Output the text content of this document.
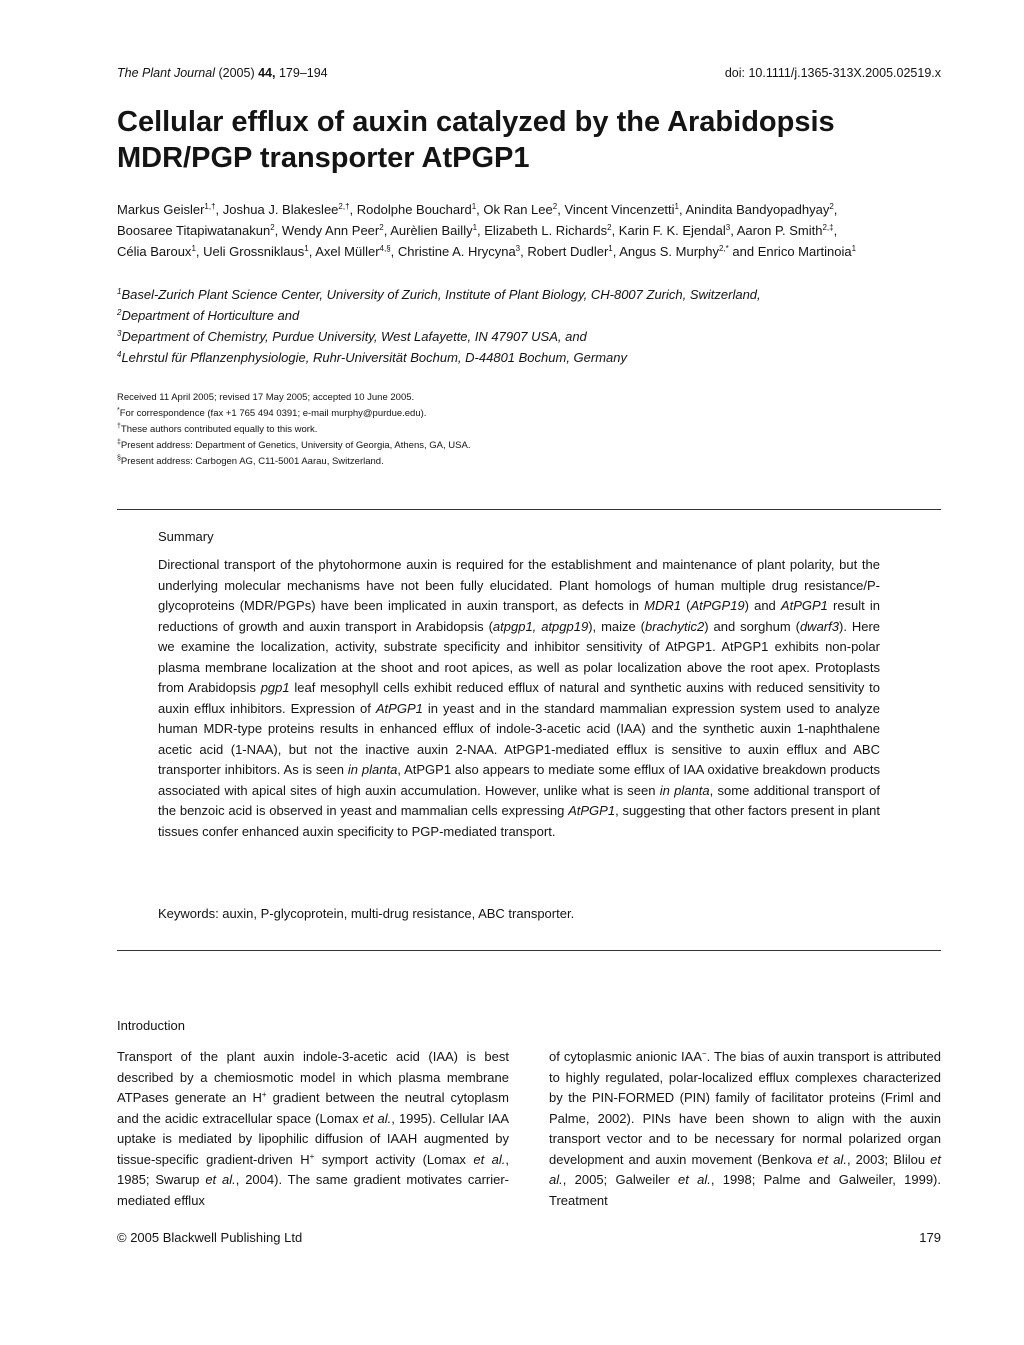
The Plant Journal (2005) 44, 179–194	doi: 10.1111/j.1365-313X.2005.02519.x
Cellular efflux of auxin catalyzed by the Arabidopsis
MDR/PGP transporter AtPGP1
Markus Geisler$^{1,\dagger}$, Joshua J. Blakeslee$^{2,\dagger}$, Rodolphe Bouchard$^1$, Ok Ran Lee$^2$, Vincent Vincenzetti$^1$, Anindita Bandyopadhyay$^2$,
Boosaree Titapiwatanakun$^2$, Wendy Ann Peer$^2$, Aurèlien Bailly$^1$, Elizabeth L. Richards$^2$, Karin F. K. Ejendal$^3$, Aaron P. Smith$^{2,\ddagger}$,
Célia Baroux$^1$, Ueli Grossniklaus$^1$, Axel Müller$^{4,\S}$, Christine A. Hrycyna$^3$, Robert Dudler$^1$, Angus S. Murphy$^{2,*}$ and Enrico Martinoia$^1$
$^1$Basel-Zurich Plant Science Center, University of Zurich, Institute of Plant Biology, CH-8007 Zurich, Switzerland,
$^2$Department of Horticulture and
$^3$Department of Chemistry, Purdue University, West Lafayette, IN 47907 USA, and
$^4$Lehrstul für Pflanzenphysiologie, Ruhr-Universität Bochum, D-44801 Bochum, Germany
Received 11 April 2005; revised 17 May 2005; accepted 10 June 2005.
*For correspondence (fax +1 765 494 0391; e-mail murphy@purdue.edu).
†These authors contributed equally to this work.
‡Present address: Department of Genetics, University of Georgia, Athens, GA, USA.
§Present address: Carbogen AG, C11-5001 Aarau, Switzerland.
Summary
Directional transport of the phytohormone auxin is required for the establishment and maintenance of plant polarity, but the underlying molecular mechanisms have not been fully elucidated. Plant homologs of human multiple drug resistance/P-glycoproteins (MDR/PGPs) have been implicated in auxin transport, as defects in MDR1 (AtPGP19) and AtPGP1 result in reductions of growth and auxin transport in Arabidopsis (atpgp1, atpgp19), maize (brachytic2) and sorghum (dwarf3). Here we examine the localization, activity, substrate specificity and inhibitor sensitivity of AtPGP1. AtPGP1 exhibits non-polar plasma membrane localization at the shoot and root apices, as well as polar localization above the root apex. Protoplasts from Arabidopsis pgp1 leaf mesophyll cells exhibit reduced efflux of natural and synthetic auxins with reduced sensitivity to auxin efflux inhibitors. Expression of AtPGP1 in yeast and in the standard mammalian expression system used to analyze human MDR-type proteins results in enhanced efflux of indole-3-acetic acid (IAA) and the synthetic auxin 1-naphthalene acetic acid (1-NAA), but not the inactive auxin 2-NAA. AtPGP1-mediated efflux is sensitive to auxin efflux and ABC transporter inhibitors. As is seen in planta, AtPGP1 also appears to mediate some efflux of IAA oxidative breakdown products associated with apical sites of high auxin accumulation. However, unlike what is seen in planta, some additional transport of the benzoic acid is observed in yeast and mammalian cells expressing AtPGP1, suggesting that other factors present in plant tissues confer enhanced auxin specificity to PGP-mediated transport.
Keywords: auxin, P-glycoprotein, multi-drug resistance, ABC transporter.
Introduction
Transport of the plant auxin indole-3-acetic acid (IAA) is best described by a chemiosmotic model in which plasma membrane ATPases generate an H+ gradient between the neutral cytoplasm and the acidic extracellular space (Lomax et al., 1995). Cellular IAA uptake is mediated by lipophilic diffusion of IAAH augmented by tissue-specific gradient-driven H+ symport activity (Lomax et al., 1985; Swarup et al., 2004). The same gradient motivates carrier-mediated efflux
of cytoplasmic anionic IAA−. The bias of auxin transport is attributed to highly regulated, polar-localized efflux complexes characterized by the PIN-FORMED (PIN) family of facilitator proteins (Friml and Palme, 2002). PINs have been shown to align with the auxin transport vector and to be necessary for normal polarized organ development and auxin movement (Benkova et al., 2003; Blilou et al., 2005; Galweiler et al., 1998; Palme and Galweiler, 1999). Treatment
© 2005 Blackwell Publishing Ltd	179
